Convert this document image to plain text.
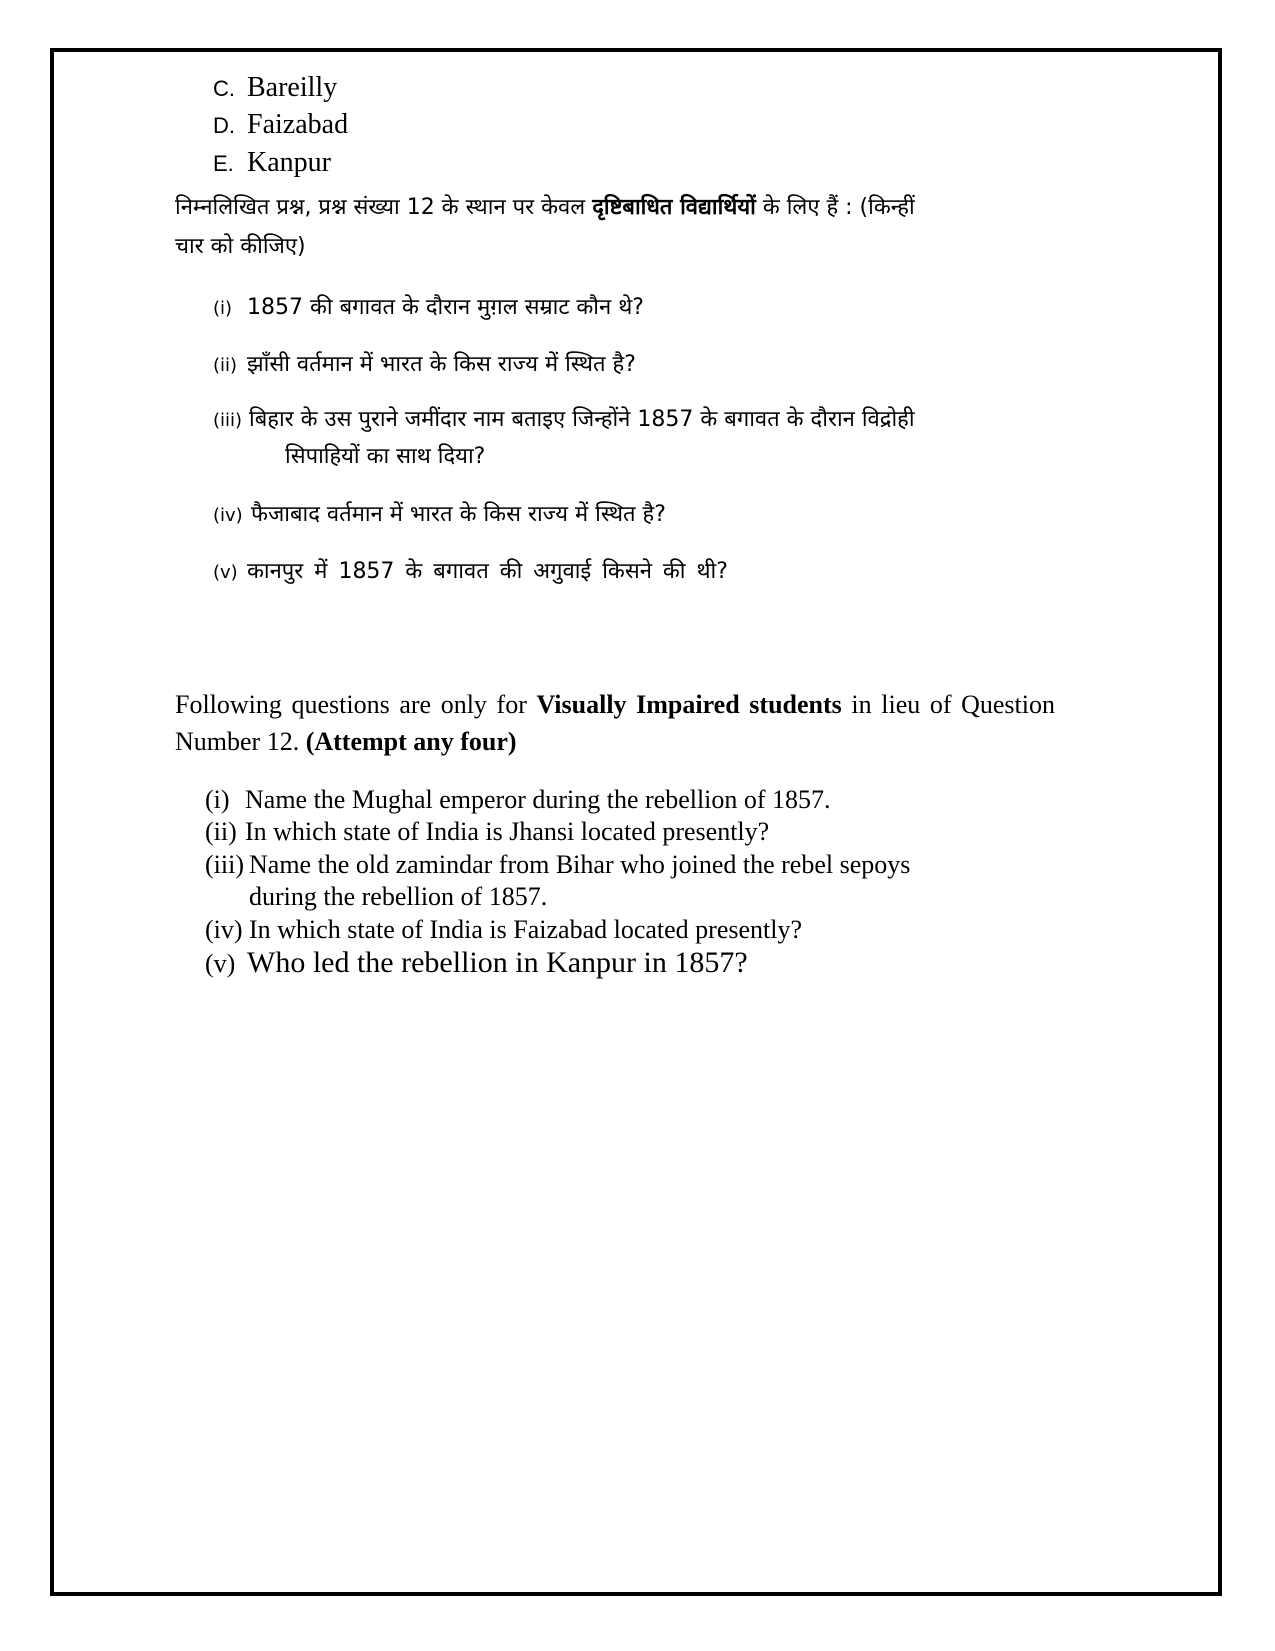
C. Bareilly
D. Faizabad
E. Kanpur
निम्नलिखित प्रश्न, प्रश्न संख्या 12 के स्थान पर केवल दृष्टिबाधित विद्यार्थियों के लिए हैं : (किन्हीं
चार को कीजिए)
(i) 1857 की बगावत के दौरान मुग़ल सम्राट कौन थे?
(ii) झाँसी वर्तमान में भारत के किस राज्य में स्थित है?
(iii) बिहार के उस पुराने जमींदार नाम बताइए जिन्होंने 1857 के बगावत के दौरान विद्रोही
सिपाहियों का साथ दिया?
(iv) फैजाबाद वर्तमान में भारत के किस राज्य में स्थित है?
(v) कानपुर में 1857 के बगावत की अगुवाई किसने की थी?
Following questions are only for Visually Impaired students in lieu of Question Number 12. (Attempt any four)
(i) Name the Mughal emperor during the rebellion of 1857.
(ii) In which state of India is Jhansi located presently?
(iii) Name the old zamindar from Bihar who joined the rebel sepoys
during the rebellion of 1857.
(iv) In which state of India is Faizabad located presently?
(v) Who led the rebellion in Kanpur in 1857?
